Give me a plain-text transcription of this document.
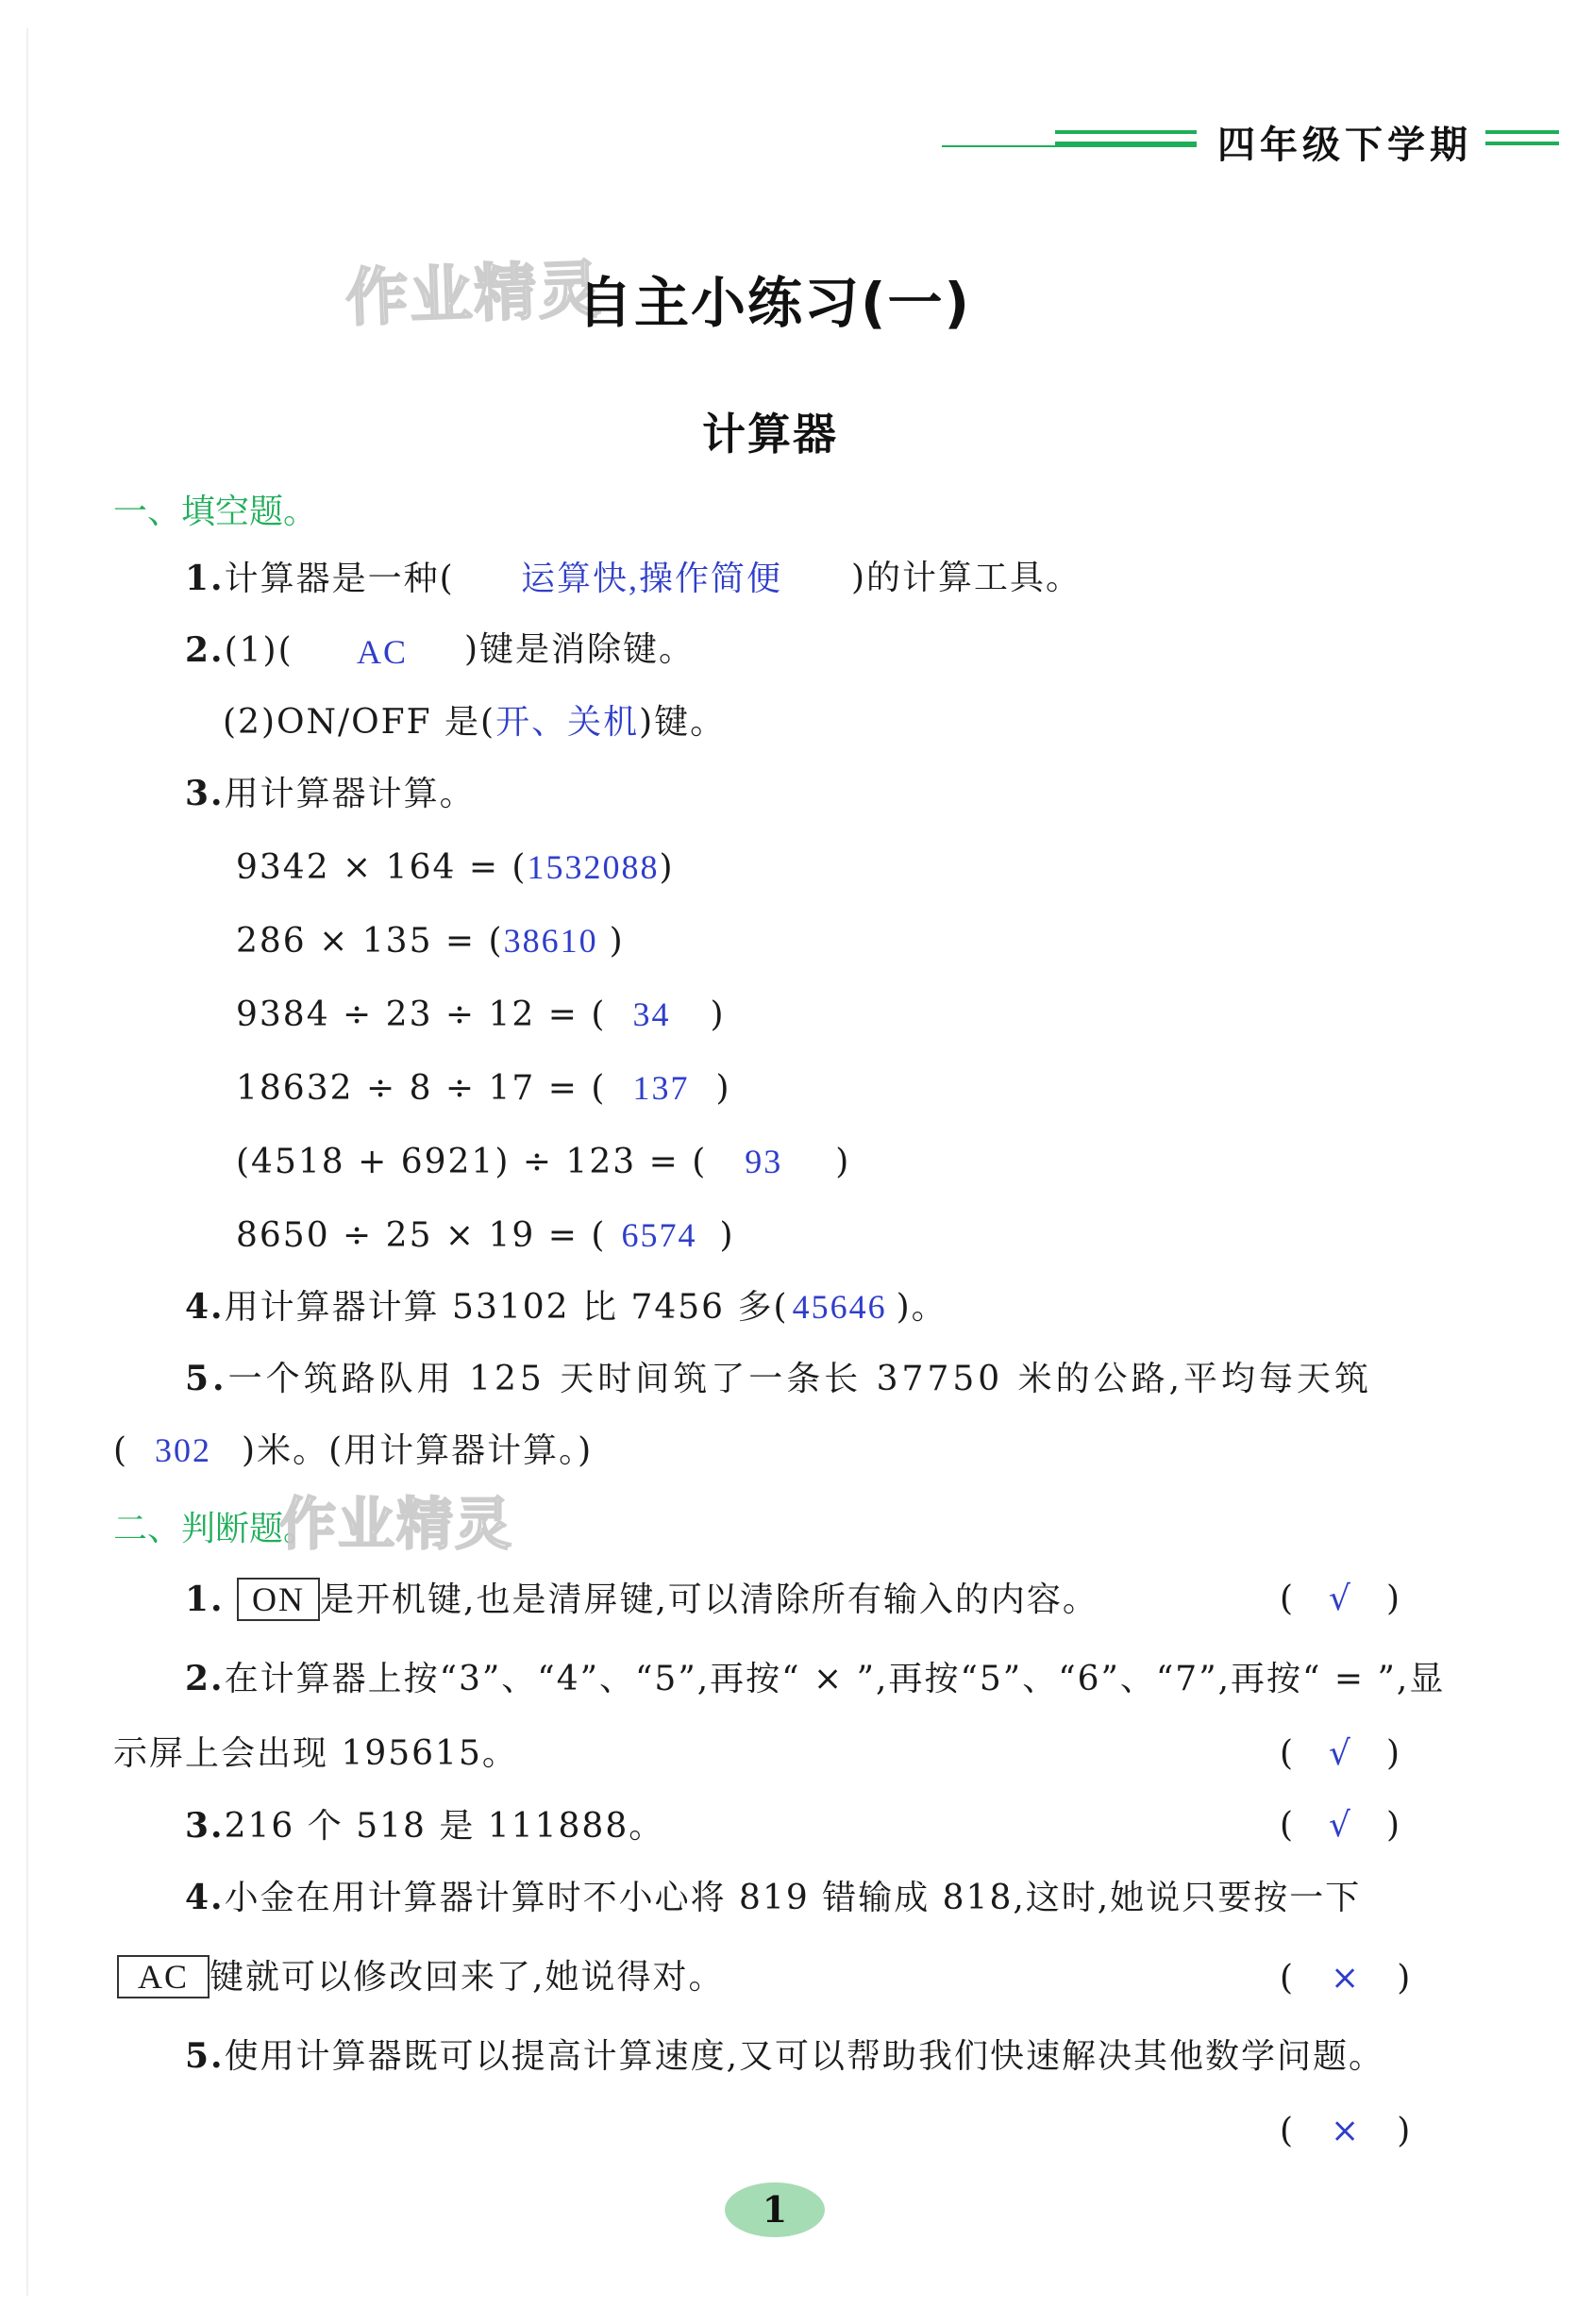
四年级下学期
作业精灵
自主小练习(一)
计算器
一、填空题。
1.计算器是一种( 运算快,操作简便 )的计算工具。
2.(1)( AC )键是消除键。
(2)ON/OFF 是(开、关机)键。
3.用计算器计算。
9342 × 164 = (1532088)
286 × 135 = (38610 )
9384 ÷ 23 ÷ 12 = ( 34 )
18632 ÷ 8 ÷ 17 = ( 137 )
(4518 + 6921) ÷ 123 = ( 93 )
8650 ÷ 25 × 19 = ( 6574 )
4.用计算器计算 53102 比 7456 多( 45646 )。
5.一个筑路队用 125 天时间筑了一条长 37750 米的公路,平均每天筑
( 302 )米。(用计算器计算。)
二、判断题。
作业精灵
1. ON 是开机键,也是清屏键,可以清除所有输入的内容。	( √ )
2.在计算器上按“3”、“4”、“5”,再按“ × ”,再按“5”、“6”、“7”,再按“ = ”,显
示屏上会出现 195615。	( √ )
3.216 个 518 是 111888。	( √ )
4.小金在用计算器计算时不小心将 819 错输成 818,这时,她说只要按一下
AC 键就可以修改回来了,她说得对。	( × )
5.使用计算器既可以提高计算速度,又可以帮助我们快速解决其他数学问题。
( × )
1
